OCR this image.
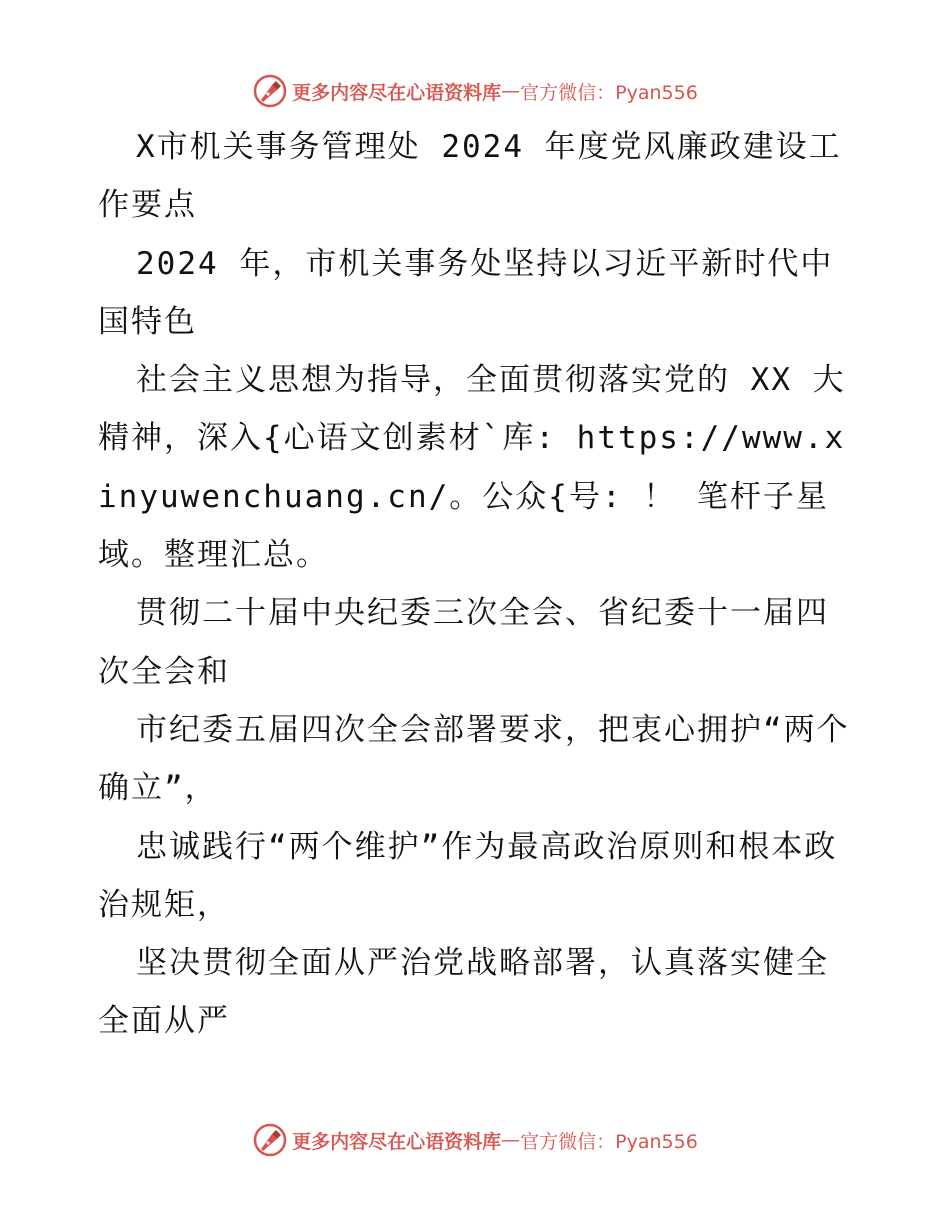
更多内容尽在心语资料库 — 官方微信：Pyan556

X市机关事务管理处 2024 年度党风廉政建设工作要点

2024 年，市机关事务处坚持以习近平新时代中国特色

社会主义思想为指导，全面贯彻落实党的 XX 大精神，深入{心语文创素材`库: https://www.xinyuwenchuang.cn/。公众{号: ！ 笔杆子星域。整理汇总。

贯彻二十届中央纪委三次全会、省纪委十一届四次全会和

市纪委五届四次全会部署要求，把衷心拥护“两个确立”，

忠诚践行“两个维护”作为最高政治原则和根本政治规矩，

坚决贯彻全面从严治党战略部署，认真落实健全全面从严

更多内容尽在心语资料库 — 官方微信：Pyan556
